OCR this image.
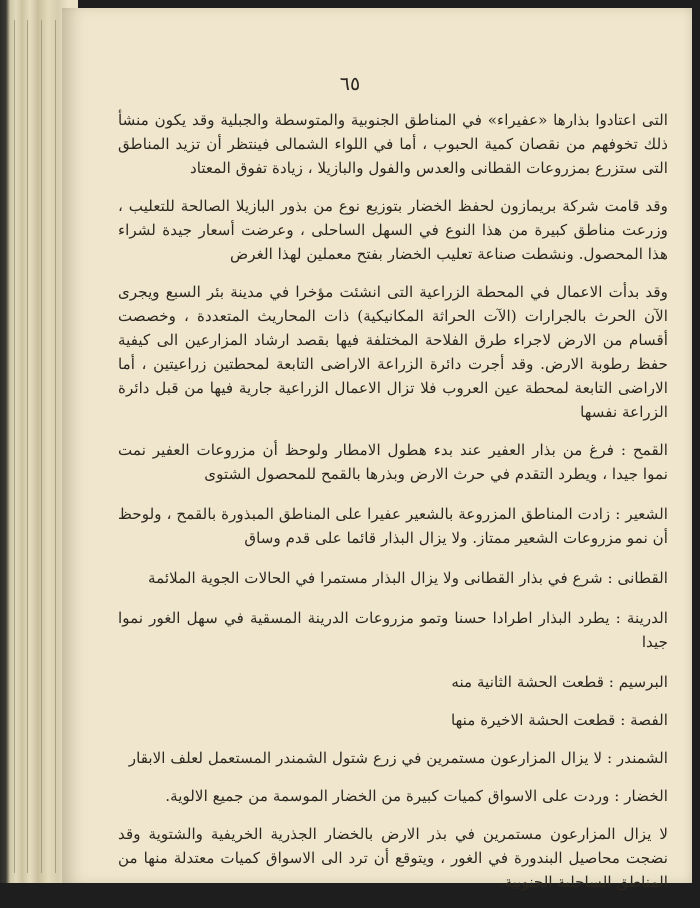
٦٥

التى اعتادوا بذارها «عفيراء» في المناطق الجنوبية والمتوسطة والجبلية وقد يكون منشأ ذلك تخوفهم من نقصان كمية الحبوب ، أما في اللواء الشمالى فينتظر أن تزيد المناطق التى ستزرع بمزروعات القطانى والعدس والفول والبازيلا ، زيادة تفوق المعتاد

وقد قامت شركة بريمازون لحفظ الخضار بتوزيع نوع من بذور البازيلا الصالحة للتعليب ، وزرعت مناطق كبيرة من هذا النوع في السهل الساحلى ، وعرضت أسعار جيدة لشراء هذا المحصول. ونشطت صناعة تعليب الخضار بفتح معملين لهذا الغرض

وقد بدأت الاعمال في المحطة الزراعية التى انشئت مؤخرا في مدينة بئر السبع ويجرى الآن الحرث بالجرارات (الآت الحراثة المكانيكية) ذات المحاريث المتعددة ، وخصصت أقسام من الارض لاجراء طرق الفلاحة المختلفة فيها بقصد ارشاد المزارعين الى كيفية حفظ رطوبة الارض. وقد أجرت دائرة الزراعة الاراضى التابعة لمحطتين زراعيتين ، أما الاراضى التابعة لمحطة عين العروب فلا تزال الاعمال الزراعية جارية فيها من قبل دائرة الزراعة نفسها

القمح : فرغ من بذار العفير عند بدء هطول الامطار ولوحظ أن مزروعات العفير نمت نموا جيدا ، ويطرد التقدم في حرث الارض وبذرها بالقمح للمحصول الشتوى

الشعير : زادت المناطق المزروعة بالشعير عفيرا على المناطق المبذورة بالقمح ، ولوحظ أن نمو مزروعات الشعير ممتاز. ولا يزال البذار قائما على قدم وساق

القطانى : شرع في بذار القطانى ولا يزال البذار مستمرا في الحالات الجوية الملائمة

الدرينة : يطرد البذار اطرادا حسنا وتمو مزروعات الدرينة المسقية في سهل الغور نموا جيدا

البرسيم : قطعت الحشة الثانية منه

الفصة : قطعت الحشة الاخيرة منها

الشمندر : لا يزال المزارعون مستمرين في زرع شتول الشمندر المستعمل لعلف الابقار

الخضار : وردت على الاسواق كميات كبيرة من الخضار الموسمة من جميع الالوية.

لا يزال المزارعون مستمرين في بذر الارض بالخضار الجذرية الخريفية والشتوية وقد نضجت محاصيل البندورة في الغور ، ويتوقع أن ترد الى الاسواق كميات معتدلة منها من المناطق الساحلية الجنوبية.
